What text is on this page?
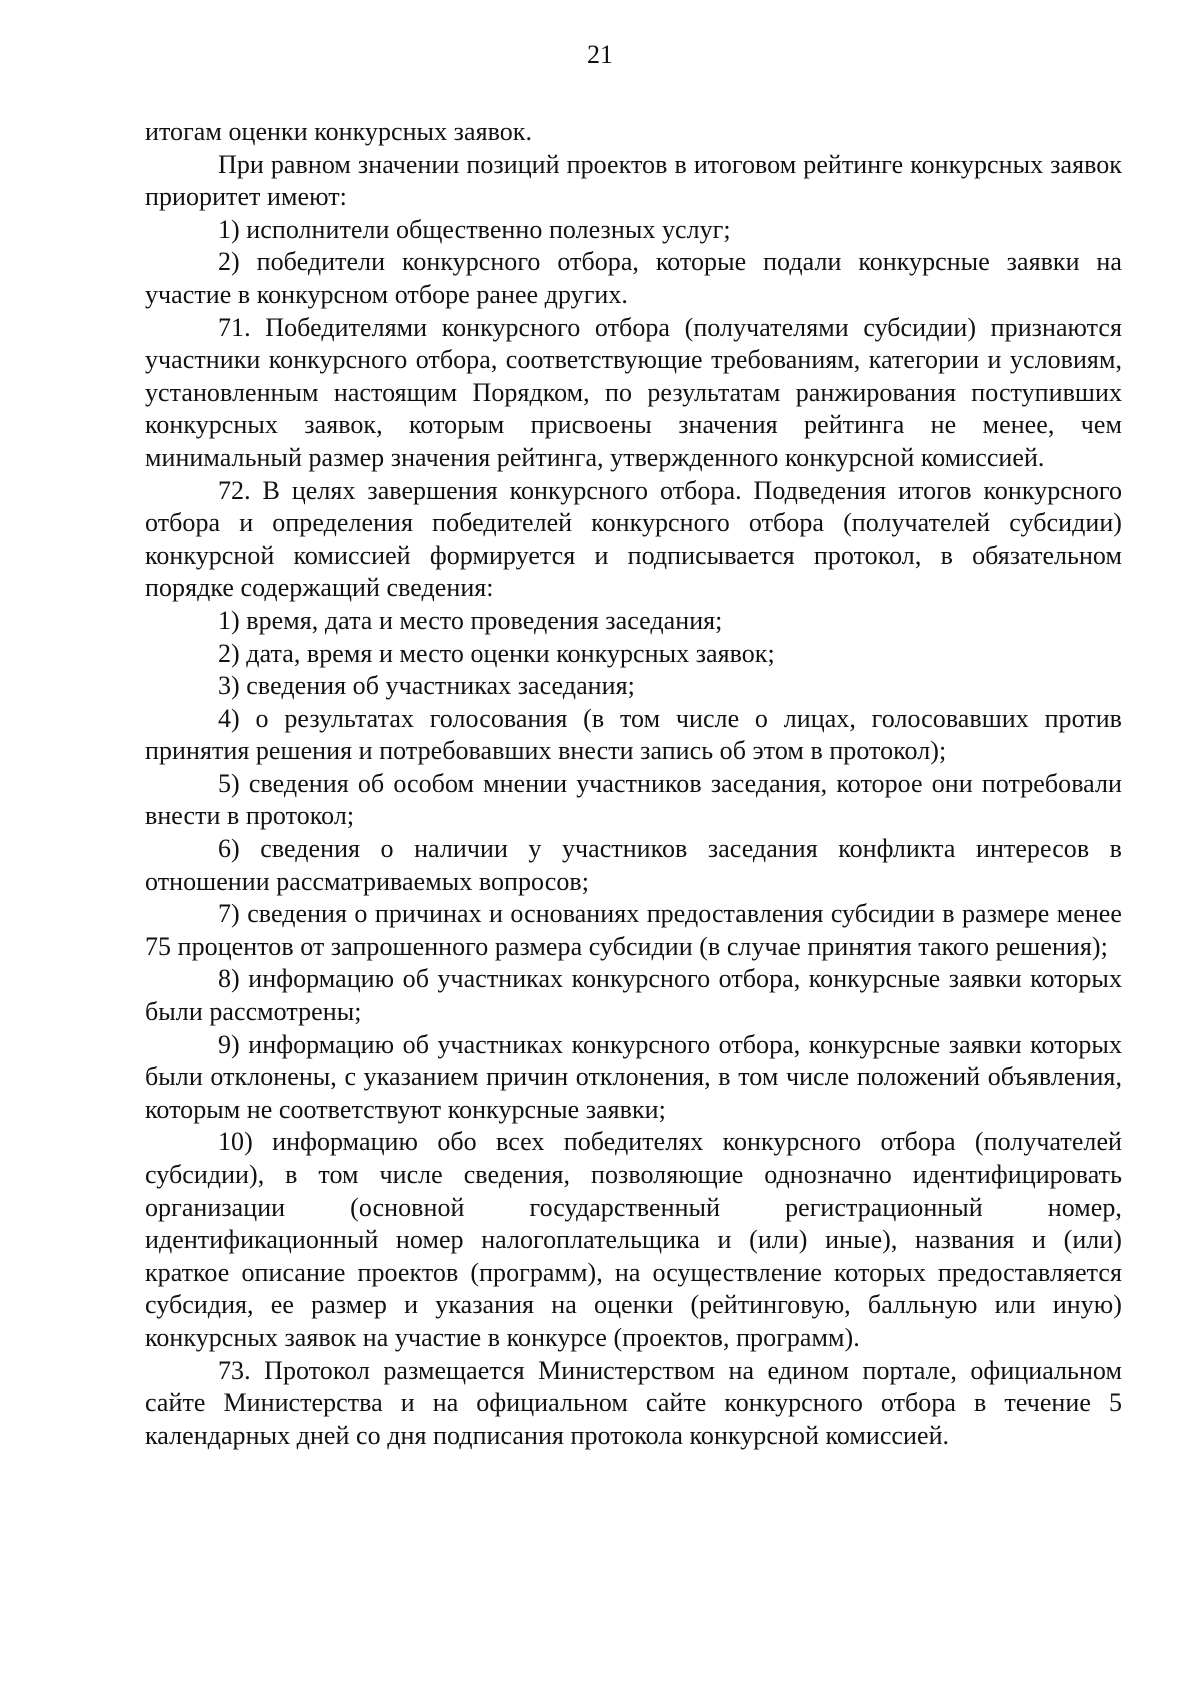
21

итогам оценки конкурсных заявок.

При равном значении позиций проектов в итоговом рейтинге конкурсных заявок приоритет имеют:

1) исполнители общественно полезных услуг;

2) победители конкурсного отбора, которые подали конкурсные заявки на участие в конкурсном отборе ранее других.

71. Победителями конкурсного отбора (получателями субсидии) признаются участники конкурсного отбора, соответствующие требованиям, категории и условиям, установленным настоящим Порядком, по результатам ранжирования поступивших конкурсных заявок, которым присвоены значения рейтинга не менее, чем минимальный размер значения рейтинга, утвержденного конкурсной комиссией.

72. В целях завершения конкурсного отбора. Подведения итогов конкурсного отбора и определения победителей конкурсного отбора (получателей субсидии) конкурсной комиссией формируется и подписывается протокол, в обязательном порядке содержащий сведения:

1) время, дата и место проведения заседания;

2) дата, время и место оценки конкурсных заявок;

3) сведения об участниках заседания;

4) о результатах голосования (в том числе о лицах, голосовавших против принятия решения и потребовавших внести запись об этом в протокол);

5) сведения об особом мнении участников заседания, которое они потребовали внести в протокол;

6) сведения о наличии у участников заседания конфликта интересов в отношении рассматриваемых вопросов;

7) сведения о причинах и основаниях предоставления субсидии в размере менее 75 процентов от запрошенного размера субсидии (в случае принятия такого решения);

8) информацию об участниках конкурсного отбора, конкурсные заявки которых были рассмотрены;

9) информацию об участниках конкурсного отбора, конкурсные заявки которых были отклонены, с указанием причин отклонения, в том числе положений объявления, которым не соответствуют конкурсные заявки;

10) информацию обо всех победителях конкурсного отбора (получателей субсидии), в том числе сведения, позволяющие однозначно идентифицировать организации (основной государственный регистрационный номер, идентификационный номер налогоплательщика и (или) иные), названия и (или) краткое описание проектов (программ), на осуществление которых предоставляется субсидия, ее размер и указания на оценки (рейтинговую, балльную или иную) конкурсных заявок на участие в конкурсе (проектов, программ).

73. Протокол размещается Министерством на едином портале, официальном сайте Министерства и на официальном сайте конкурсного отбора в течение 5 календарных дней со дня подписания протокола конкурсной комиссией.
